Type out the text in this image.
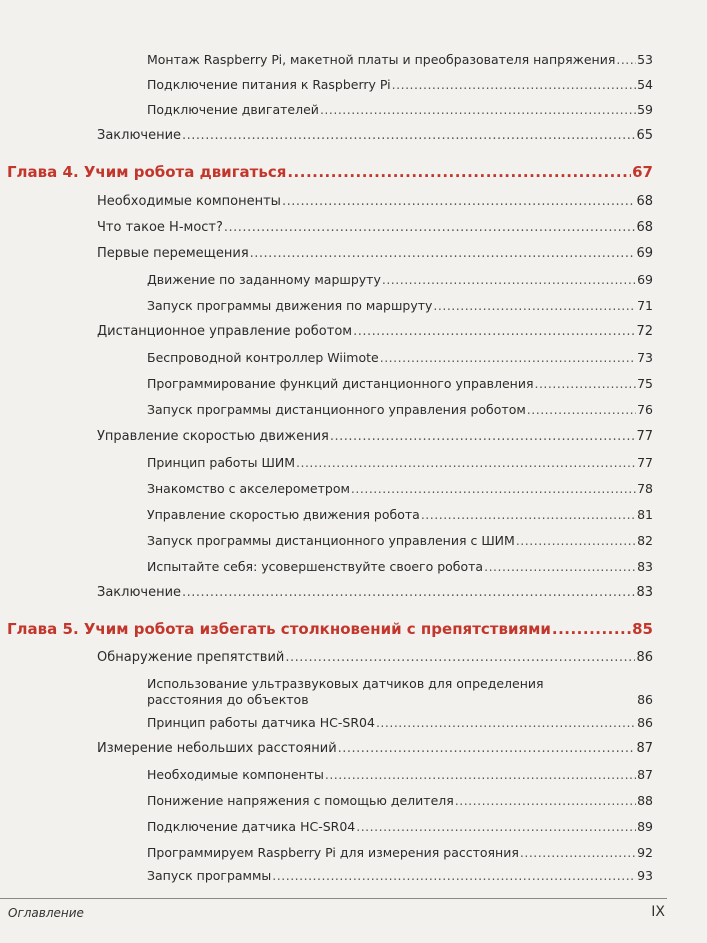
Монтаж Raspberry Pi, макетной платы и преобразователя напряжения ..... 53
Подключение питания к Raspberry Pi .....	54
Подключение двигателей .....	59
Заключение .....	65
Глава 4. Учим робота двигаться .....	67
Необходимые компоненты .....	68
Что такое H-мост? .....	68
Первые перемещения .....	69
Движение по заданному маршруту .....	69
Запуск программы движения по маршруту .....	71
Дистанционное управление роботом .....	72
Беспроводной контроллер Wiimote .....	73
Программирование функций дистанционного управления .....	75
Запуск программы дистанционного управления роботом .....	76
Управление скоростью движения .....	77
Принцип работы ШИМ .....	77
Знакомство с акселерометром .....	78
Управление скоростью движения робота .....	81
Запуск программы дистанционного управления с ШИМ .....	82
Испытайте себя: усовершенствуйте своего робота .....	83
Заключение .....	83
Глава 5. Учим робота избегать столкновений с препятствиями .....	85
Обнаружение препятствий .....	86
Использование ультразвуковых датчиков для определения расстояния до объектов	86
Принцип работы датчика HC-SR04 .....	86
Измерение небольших расстояний .....	87
Необходимые компоненты .....	87
Понижение напряжения с помощью делителя .....	88
Подключение датчика HC-SR04 .....	89
Программируем Raspberry Pi для измерения расстояния .....	92
Запуск программы .....	93
Оглавление	IX
